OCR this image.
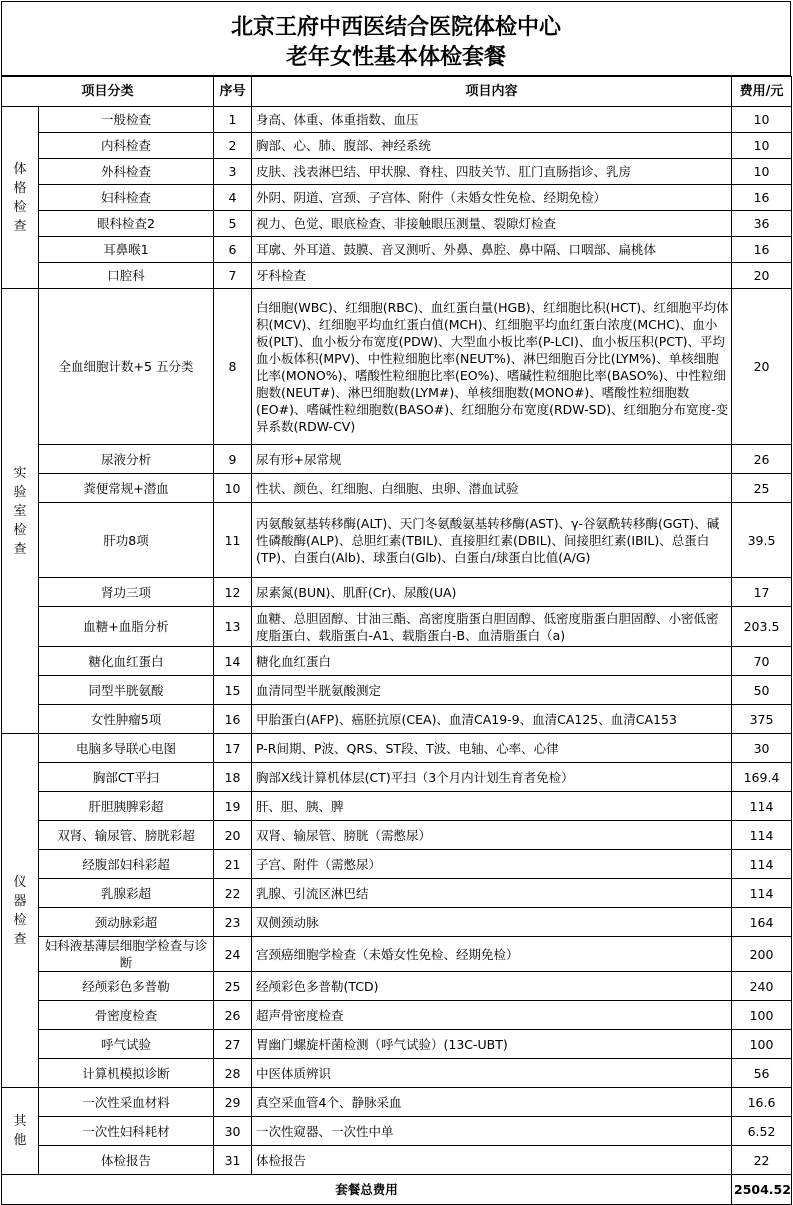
北京王府中西医结合医院体检中心
老年女性基本体检套餐
项目分类		序号	项目内容	费用/元
体格检查	一般检查	1	身高、体重、体重指数、血压	10
	内科检查	2	胸部、心、肺、腹部、神经系统	10
	外科检查	3	皮肤、浅表淋巴结、甲状腺、脊柱、四肢关节、肛门直肠指诊、乳房	10
	妇科检查	4	外阴、阴道、宫颈、子宫体、附件（未婚女性免检、经期免检）	16
	眼科检查2	5	视力、色觉、眼底检查、非接触眼压测量、裂隙灯检查	36
	耳鼻喉1	6	耳廓、外耳道、鼓膜、音叉测听、外鼻、鼻腔、鼻中隔、口咽部、扁桃体	16
	口腔科	7	牙科检查	20
实验室检查	全血细胞计数+5 五分类	8	白细胞(WBC)、红细胞(RBC)、血红蛋白量(HGB)、红细胞比积(HCT)、红细胞平均体积(MCV)、红细胞平均血红蛋白值(MCH)、红细胞平均血红蛋白浓度(MCHC)、血小板(PLT)、血小板分布宽度(PDW)、大型血小板比率(P-LCI)、血小板压积(PCT)、平均血小板体积(MPV)、中性粒细胞比率(NEUT%)、淋巴细胞百分比(LYM%)、单核细胞比率(MONO%)、嗜酸性粒细胞比率(EO%)、嗜碱性粒细胞比率(BASO%)、中性粒细胞数(NEUT#)、淋巴细胞数(LYM#)、单核细胞数(MONO#)、嗜酸性粒细胞数(EO#)、嗜碱性粒细胞数(BASO#)、红细胞分布宽度(RDW-SD)、红细胞分布宽度-变异系数(RDW-CV)	20
	尿液分析	9	尿有形+尿常规	26
	粪便常规+潜血	10	性状、颜色、红细胞、白细胞、虫卵、潜血试验	25
	肝功8项	11	丙氨酸氨基转移酶(ALT)、天门冬氨酸氨基转移酶(AST)、γ-谷氨酰转移酶(GGT)、碱性磷酸酶(ALP)、总胆红素(TBIL)、直接胆红素(DBIL)、间接胆红素(IBIL)、总蛋白(TP)、白蛋白(Alb)、球蛋白(Glb)、白蛋白/球蛋白比值(A/G)	39.5
	肾功三项	12	尿素氮(BUN)、肌酐(Cr)、尿酸(UA)	17
	血糖+血脂分析	13	血糖、总胆固醇、甘油三酯、高密度脂蛋白胆固醇、低密度脂蛋白胆固醇、小密低密度脂蛋白、载脂蛋白-A1、载脂蛋白-B、血清脂蛋白（a)	203.5
	糖化血红蛋白	14	糖化血红蛋白	70
	同型半胱氨酸	15	血清同型半胱氨酸测定	50
	女性肿瘤5项	16	甲胎蛋白(AFP)、癌胚抗原(CEA)、血清CA19-9、血清CA125、血清CA153	375
仪器检查	电脑多导联心电图	17	P-R间期、P波、QRS、ST段、T波、电轴、心率、心律	30
	胸部CT平扫	18	胸部X线计算机体层(CT)平扫（3个月内计划生育者免检）	169.4
	肝胆胰脾彩超	19	肝、胆、胰、脾	114
	双肾、输尿管、膀胱彩超	20	双肾、输尿管、膀胱（需憋尿）	114
	经腹部妇科彩超	21	子宫、附件（需憋尿）	114
	乳腺彩超	22	乳腺、引流区淋巴结	114
	颈动脉彩超	23	双侧颈动脉	164
	妇科液基薄层细胞学检查与诊断	24	宫颈癌细胞学检查（未婚女性免检、经期免检）	200
	经颅彩色多普勒	25	经颅彩色多普勒(TCD)	240
	骨密度检查	26	超声骨密度检查	100
	呼气试验	27	胃幽门螺旋杆菌检测（呼气试验）(13C-UBT)	100
	计算机模拟诊断	28	中医体质辨识	56
其他	一次性采血材料	29	真空采血管4个、静脉采血	16.6
	一次性妇科耗材	30	一次性窥器、一次性中单	6.52
	体检报告	31	体检报告	22
套餐总费用				2504.52
